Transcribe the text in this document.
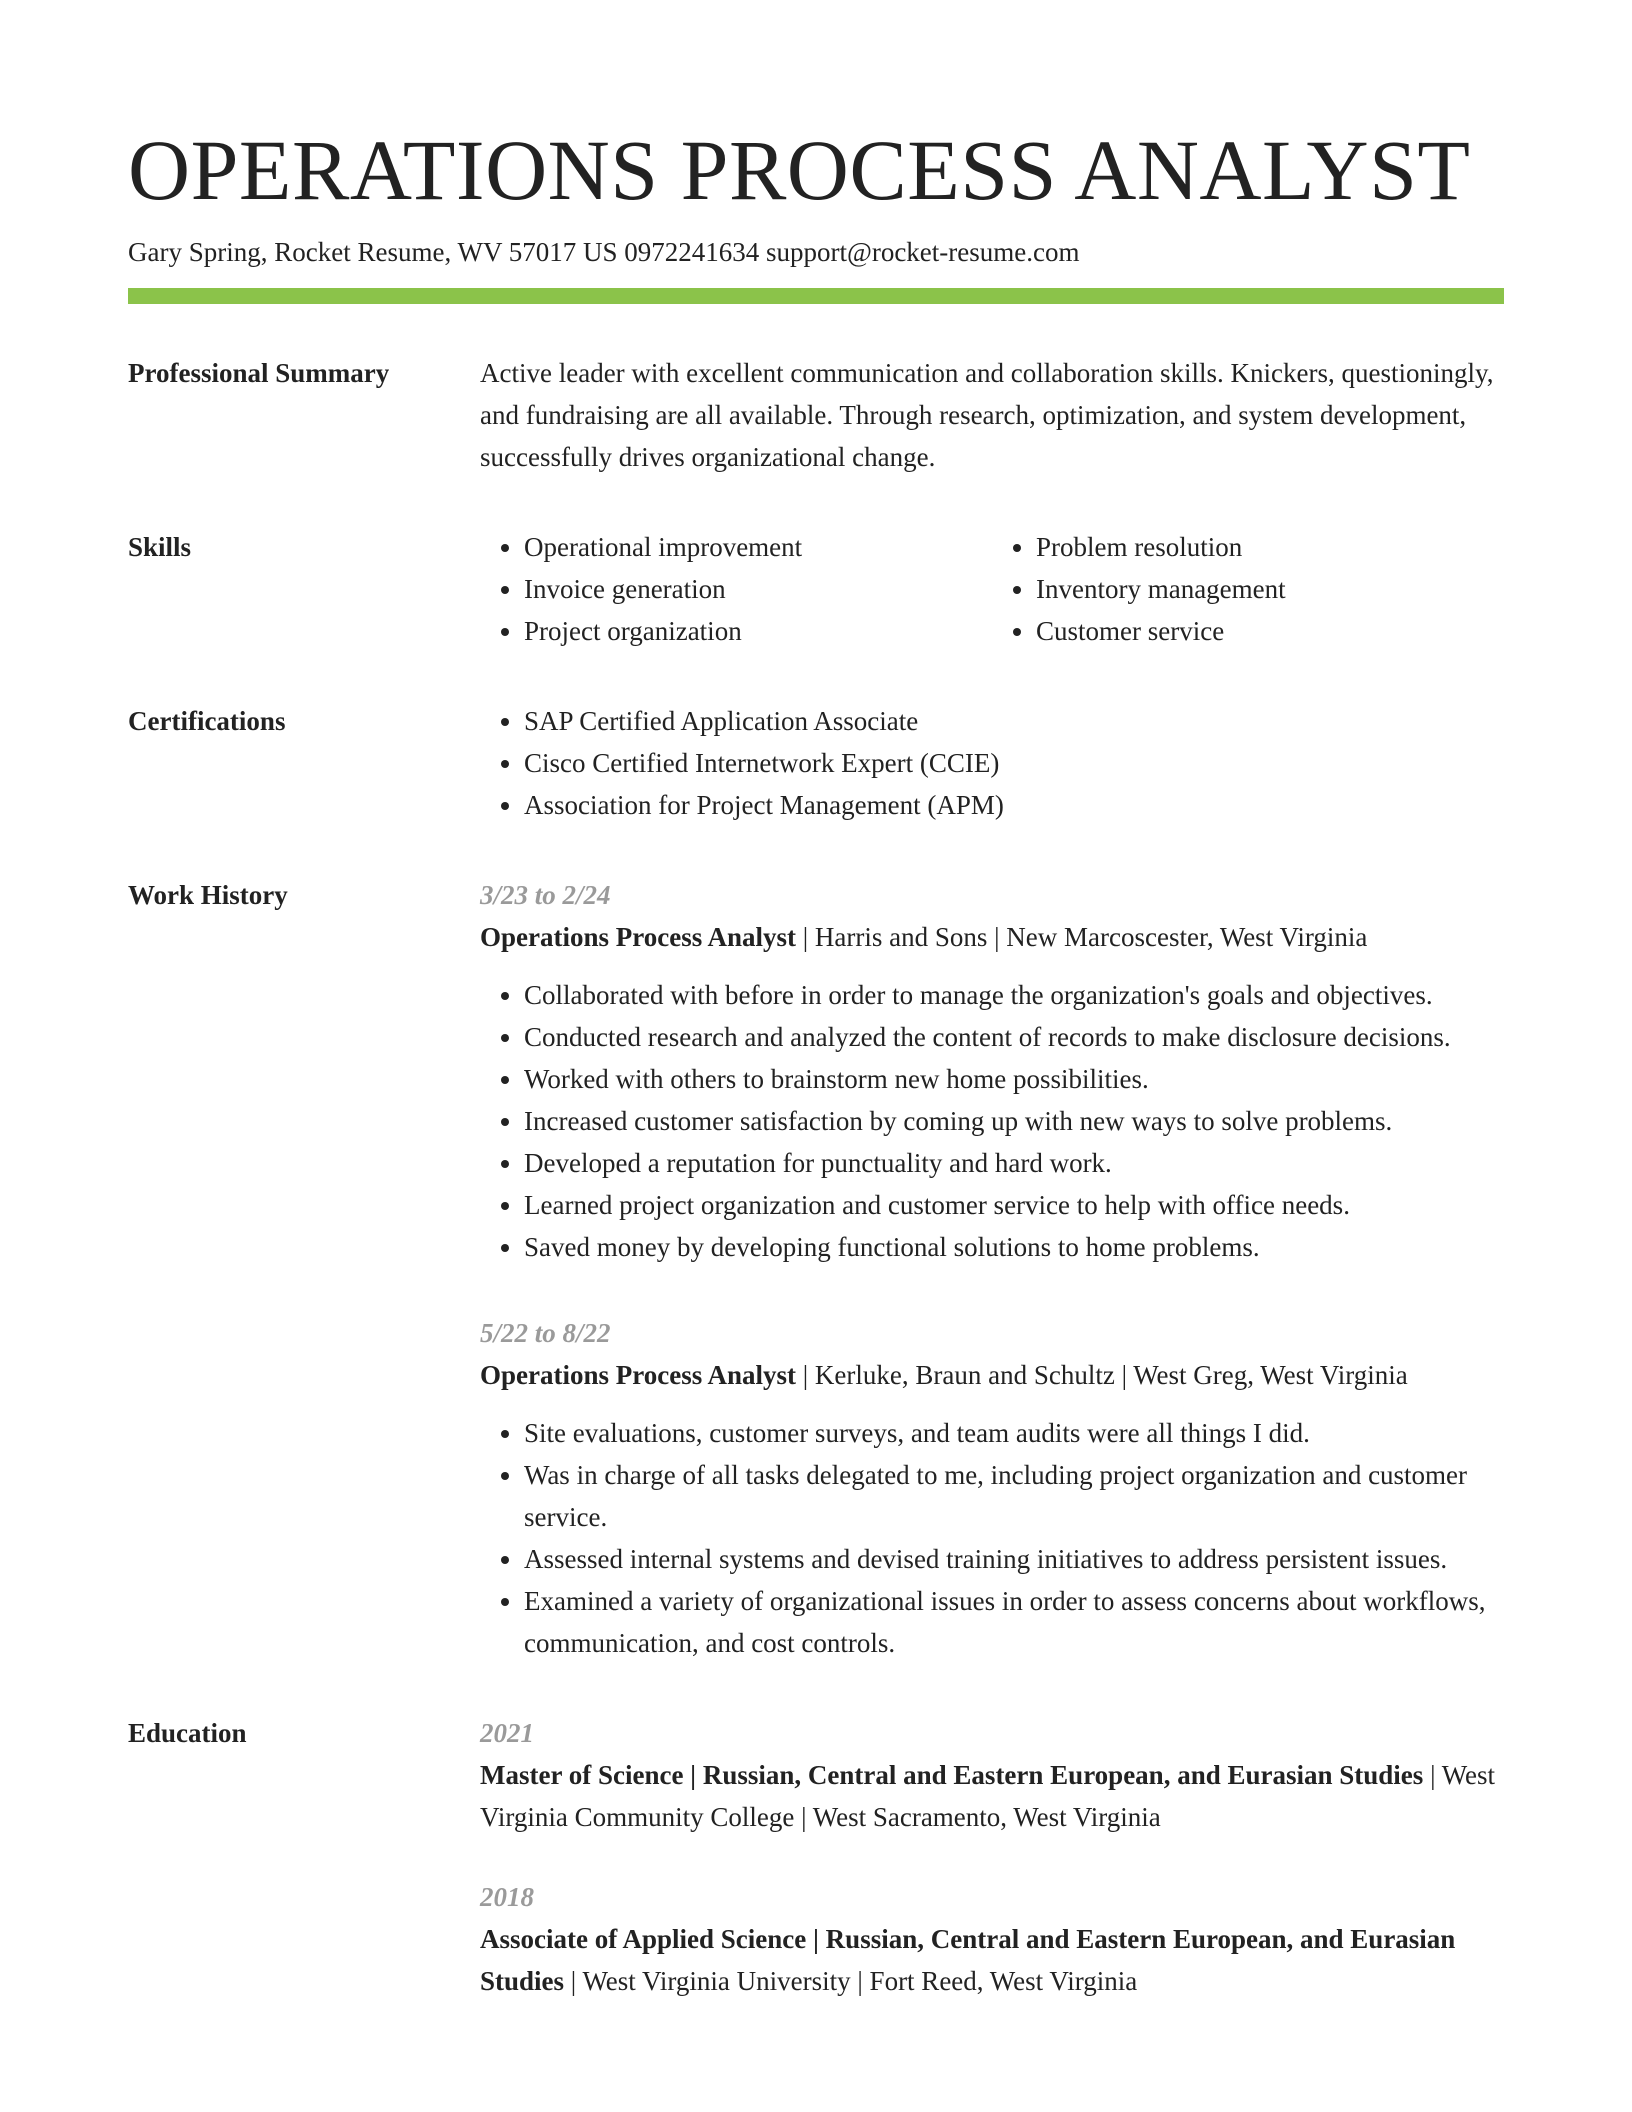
OPERATIONS PROCESS ANALYST
Gary Spring, Rocket Resume, WV 57017 US 0972241634 support@rocket-resume.com
Professional Summary	Active leader with excellent communication and collaboration skills. Knickers, questioningly, and fundraising are all available. Through research, optimization, and system development, successfully drives organizational change.

Skills	• Operational improvement
• Invoice generation
• Project organization
• Problem resolution
• Inventory management
• Customer service
Certifications	• SAP Certified Application Associate
• Cisco Certified Internetwork Expert (CCIE)
• Association for Project Management (APM)
Work History	3/23 to 2/24
Operations Process Analyst | Harris and Sons | New Marcoscester, West Virginia
• Collaborated with before in order to manage the organization's goals and objectives.
• Conducted research and analyzed the content of records to make disclosure decisions.
• Worked with others to brainstorm new home possibilities.
• Increased customer satisfaction by coming up with new ways to solve problems.
• Developed a reputation for punctuality and hard work.
• Learned project organization and customer service to help with office needs.
• Saved money by developing functional solutions to home problems.
5/22 to 8/22
Operations Process Analyst | Kerluke, Braun and Schultz | West Greg, West Virginia
• Site evaluations, customer surveys, and team audits were all things I did.
• Was in charge of all tasks delegated to me, including project organization and customer service.
• Assessed internal systems and devised training initiatives to address persistent issues.
• Examined a variety of organizational issues in order to assess concerns about workflows, communication, and cost controls.
Education	2021
Master of Science | Russian, Central and Eastern European, and Eurasian Studies | West Virginia Community College | West Sacramento, West Virginia
2018
Associate of Applied Science | Russian, Central and Eastern European, and Eurasian Studies | West Virginia University | Fort Reed, West Virginia
